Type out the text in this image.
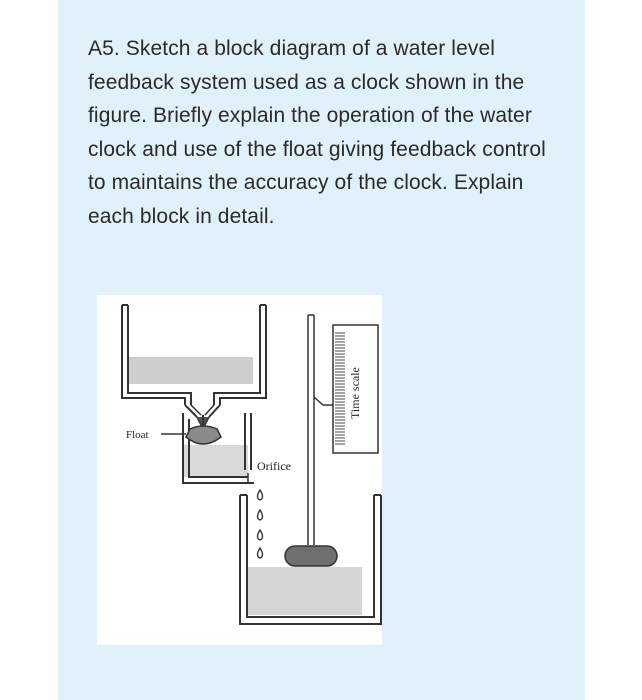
A5. Sketch a block diagram of a water level feedback system used as a clock shown in the figure. Briefly explain the operation of the water clock and use of the float giving feedback control to maintains the accuracy of the clock. Explain each block in detail.

Float
Orifice
Time scale
